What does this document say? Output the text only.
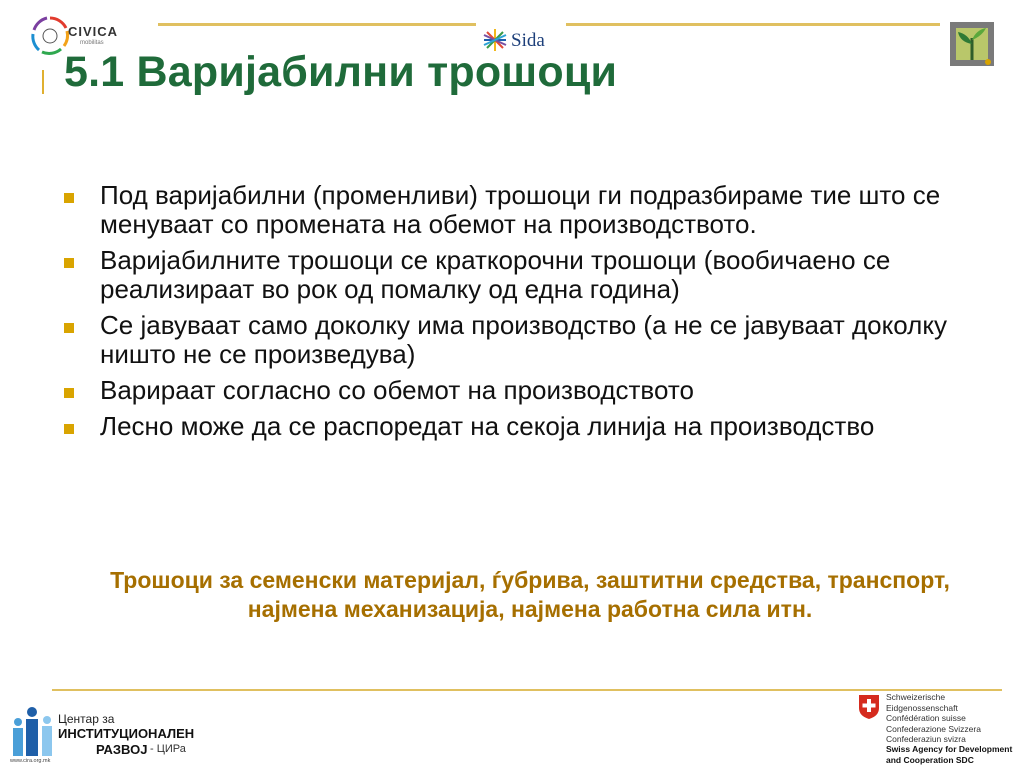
CIVICA
mobilitas	Sida
5.1 Варијабилни трошоци
Под варијабилни (променливи) трошоци ги подразбираме тие што се менуваат со промената на обемот на производството.
Варијабилните трошоци се краткорочни трошоци (вообичаено се реализираат во рок од помалку од една година)
Се јавуваат само доколку има производство (а не се јавуваат доколку ништо не се произведува)
Варираат согласно со обемот на производството
Лесно може да се распоредат на секоја линија на производство
Трошоци за семенски материјал, ѓубрива, заштитни средства, транспорт, најмена механизација, најмена работна сила итн.
Центар за
ИНСТИТУЦИОНАЛЕН
РАЗВОЈ - ЦИРа
www.cira.org.mk
Schweizerische Eidgenossenschaft
Confédération suisse
Confederazione Svizzera
Confederaziun svizra
Swiss Agency for Development
and Cooperation SDC
